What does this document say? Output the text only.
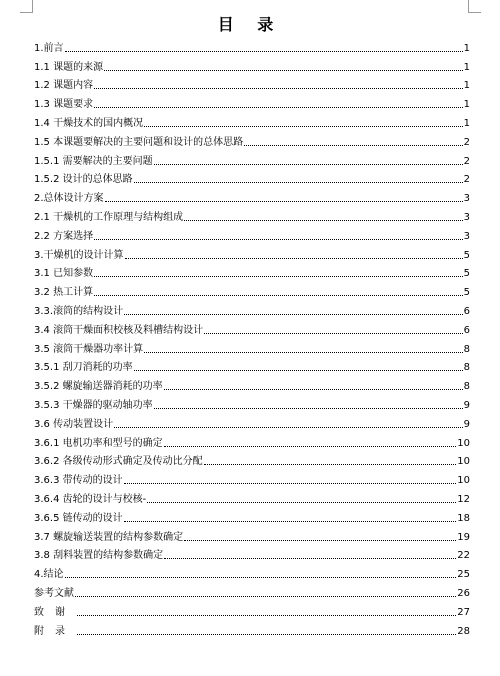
目 录
1.前言	1
1.1 课题的来源	1
1.2 课题内容	1
1.3 课题要求	1
1.4 干燥技术的国内概况	1
1.5 本课题要解决的主要问题和设计的总体思路	2
1.5.1 需要解决的主要问题	2
1.5.2 设计的总体思路	2
2.总体设计方案	3
2.1 干燥机的工作原理与结构组成	3
2.2 方案选择	3
3.干燥机的设计计算	5
3.1 已知参数	5
3.2 热工计算	5
3.3.滚筒的结构设计	6
3.4 滚筒干燥面积校核及料槽结构设计	6
3.5 滚筒干燥器功率计算	8
3.5.1 刮刀消耗的功率	8
3.5.2 螺旋输送器消耗的功率	8
3.5.3 干燥器的驱动轴功率	9
3.6 传动装置设计	9
3.6.1 电机功率和型号的确定	10
3.6.2 各级传动形式确定及传动比分配	10
3.6.3 带传动的设计	10
3.6.4 齿轮的设计与校核-	12
3.6.5 链传动的设计	18
3.7 螺旋输送装置的结构参数确定	19
3.8 刮料装置的结构参数确定	22
4.结论	25
参考文献	26
致谢	27
附录	28
